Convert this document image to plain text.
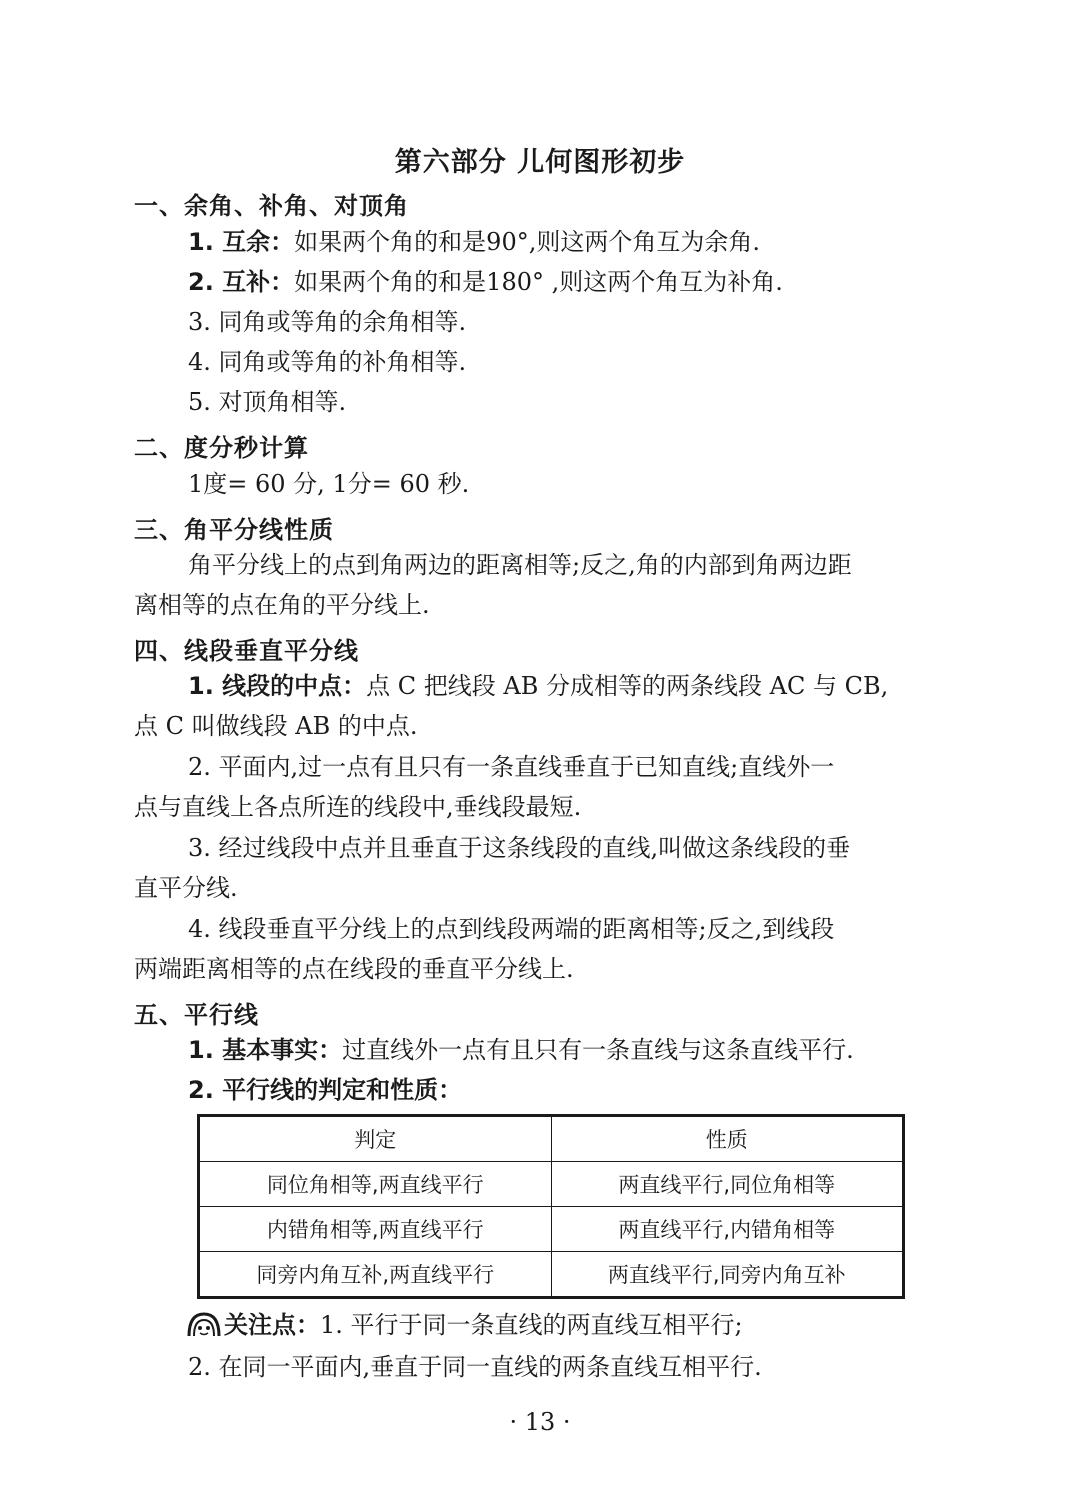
第六部分 儿何图形初步
一、余角、补角、对顶角
1. 互余：如果两个角的和是90°,则这两个角互为余角.
2. 互补：如果两个角的和是180° ,则这两个角互为补角.
3. 同角或等角的余角相等.
4. 同角或等角的补角相等.
5. 对顶角相等.
二、度分秒计算
1度= 60 分, 1分= 60 秒.
三、角平分线性质
角平分线上的点到角两边的距离相等;反之,角的内部到角两边距
离相等的点在角的平分线上.
四、线段垂直平分线
1. 线段的中点：点 C 把线段 AB 分成相等的两条线段 AC 与 CB,
点 C 叫做线段 AB 的中点.
2. 平面内,过一点有且只有一条直线垂直于已知直线;直线外一
点与直线上各点所连的线段中,垂线段最短.
3. 经过线段中点并且垂直于这条线段的直线,叫做这条线段的垂
直平分线.
4. 线段垂直平分线上的点到线段两端的距离相等;反之,到线段
两端距离相等的点在线段的垂直平分线上.
五、平行线
1. 基本事实：过直线外一点有且只有一条直线与这条直线平行.
2. 平行线的判定和性质：
判定	性质
同位角相等,两直线平行	两直线平行,同位角相等
内错角相等,两直线平行	两直线平行,内错角相等
同旁内角互补,两直线平行	两直线平行,同旁内角互补
关注点：1. 平行于同一条直线的两直线互相平行;
2. 在同一平面内,垂直于同一直线的两条直线互相平行.
· 13 ·
